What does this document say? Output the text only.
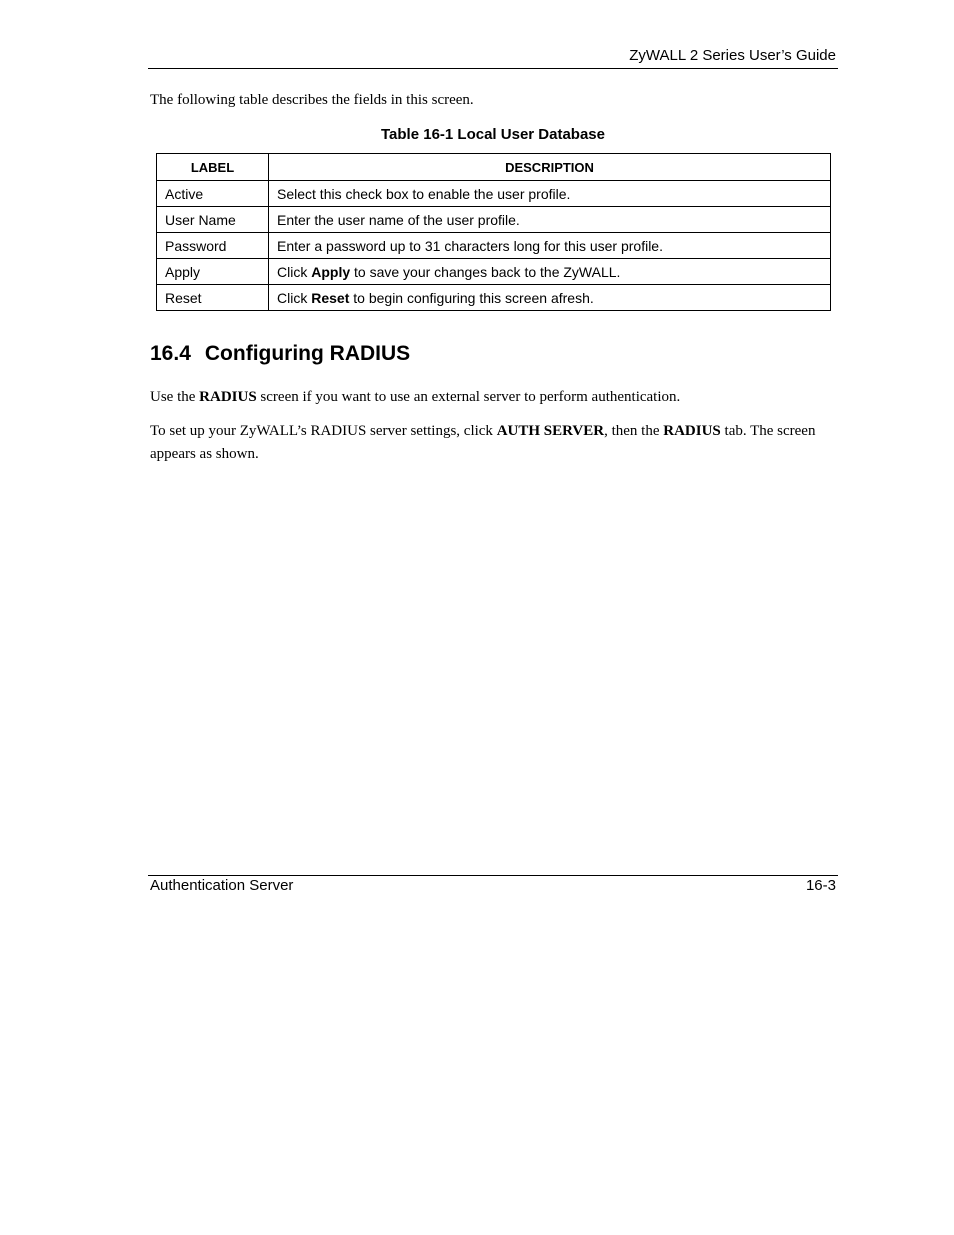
ZyWALL 2 Series User’s Guide
The following table describes the fields in this screen.
Table 16-1 Local User Database
LABEL	DESCRIPTION
Active	Select this check box to enable the user profile.
User Name	Enter the user name of the user profile.
Password	Enter a password up to 31 characters long for this user profile.
Apply	Click Apply to save your changes back to the ZyWALL.
Reset	Click Reset to begin configuring this screen afresh.
16.4 Configuring RADIUS
Use the RADIUS screen if you want to use an external server to perform authentication.
To set up your ZyWALL’s RADIUS server settings, click AUTH SERVER, then the RADIUS tab. The screen appears as shown.
Authentication Server	16-3
